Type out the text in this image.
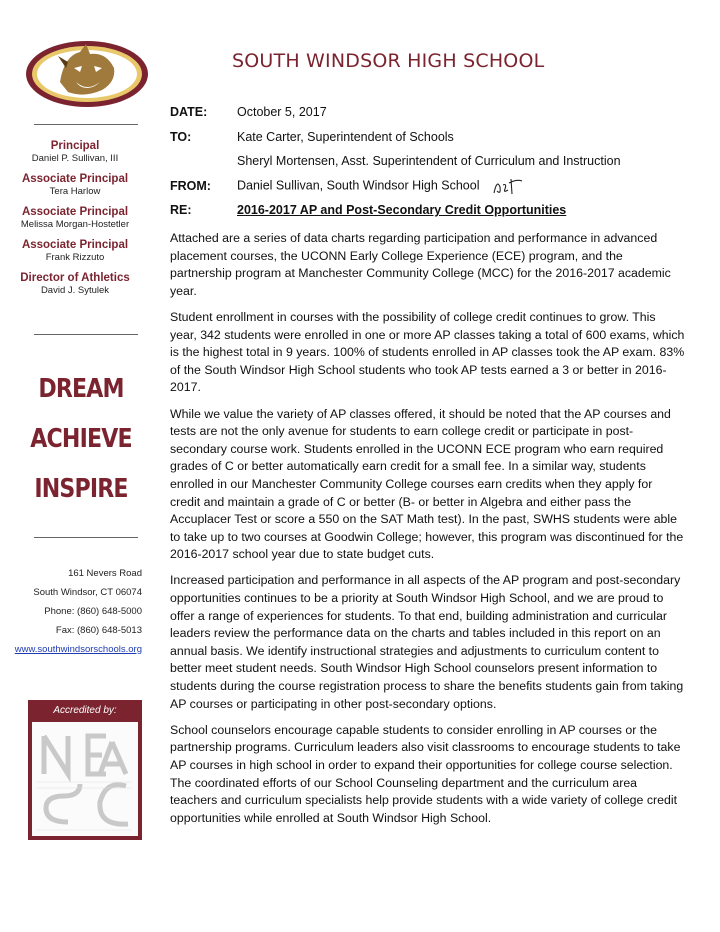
Principal
Daniel P. Sullivan, III
Associate Principal
Tera Harlow
Associate Principal
Melissa Morgan-Hostetler
Associate Principal
Frank Rizzuto
Director of Athletics
David J. Sytulek
DREAM
ACHIEVE
INSPIRE
161 Nevers Road
South Windsor, CT 06074
Phone: (860) 648-5000
Fax: (860) 648-5013
www.southwindsorschools.org
Accredited by:
SOUTH WINDSOR HIGH SCHOOL
DATE:	October 5, 2017
TO:	Kate Carter, Superintendent of Schools
Sheryl Mortensen, Asst. Superintendent of Curriculum and Instruction
FROM:	Daniel Sullivan, South Windsor High School
RE:	2016-2017 AP and Post-Secondary Credit Opportunities

Attached are a series of data charts regarding participation and performance in advanced placement courses, the UCONN Early College Experience (ECE) program, and the partnership program at Manchester Community College (MCC) for the 2016-2017 academic year.

Student enrollment in courses with the possibility of college credit continues to grow. This year, 342 students were enrolled in one or more AP classes taking a total of 600 exams, which is the highest total in 9 years. 100% of students enrolled in AP classes took the AP exam. 83% of the South Windsor High School students who took AP tests earned a 3 or better in 2016-2017.

While we value the variety of AP classes offered, it should be noted that the AP courses and tests are not the only avenue for students to earn college credit or participate in post-secondary course work. Students enrolled in the UCONN ECE program who earn required grades of C or better automatically earn credit for a small fee. In a similar way, students enrolled in our Manchester Community College courses earn credits when they apply for credit and maintain a grade of C or better (B- or better in Algebra and either pass the Accuplacer Test or score a 550 on the SAT Math test). In the past, SWHS students were able to take up to two courses at Goodwin College; however, this program was discontinued for the 2016-2017 school year due to state budget cuts.

Increased participation and performance in all aspects of the AP program and post-secondary opportunities continues to be a priority at South Windsor High School, and we are proud to offer a range of experiences for students. To that end, building administration and curricular leaders review the performance data on the charts and tables included in this report on an annual basis. We identify instructional strategies and adjustments to curriculum content to better meet student needs. South Windsor High School counselors present information to students during the course registration process to share the benefits students gain from taking AP courses or participating in other post-secondary options.

School counselors encourage capable students to consider enrolling in AP courses or the partnership programs. Curriculum leaders also visit classrooms to encourage students to take AP courses in high school in order to expand their opportunities for college course selection. The coordinated efforts of our School Counseling department and the curriculum area teachers and curriculum specialists help provide students with a wide variety of college credit opportunities while enrolled at South Windsor High School.
